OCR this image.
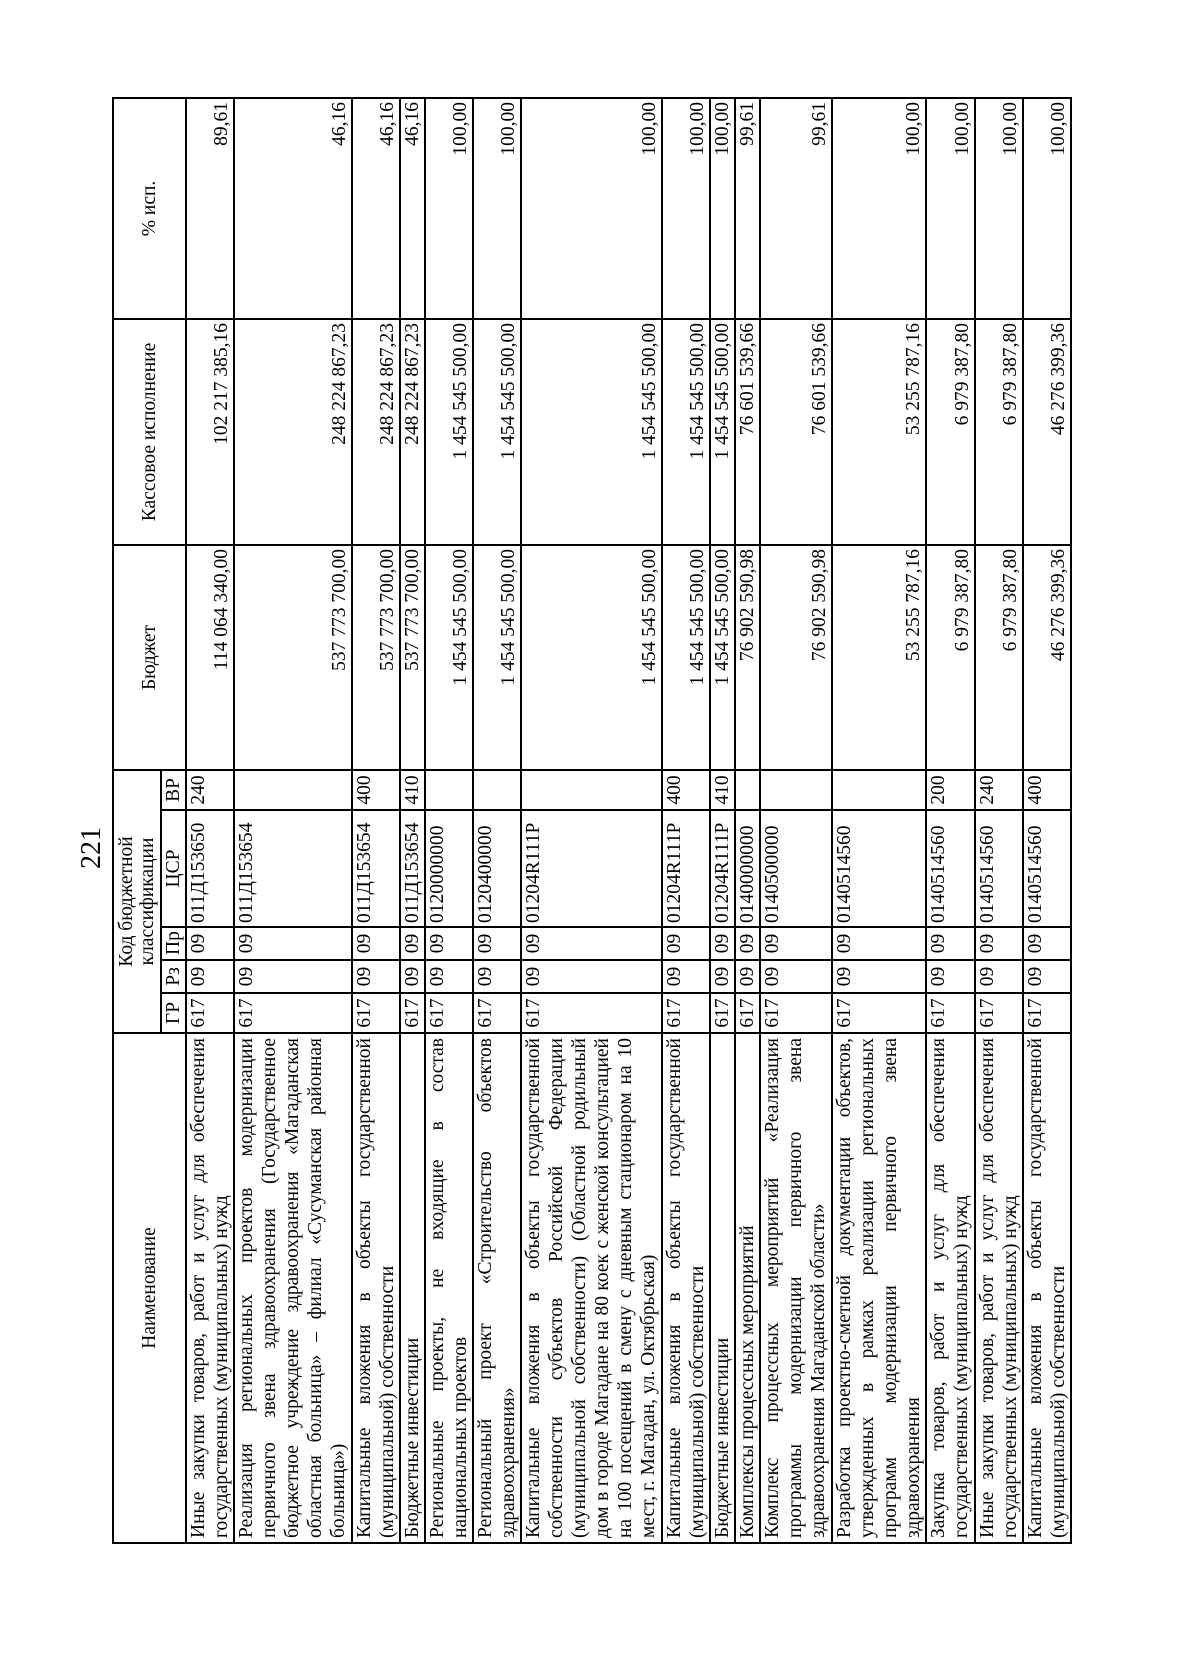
221
Наименование	Код бюджетной классификации					Бюджет	Кассовое исполнение	% исп.
	ГР	Рз	Пр	ЦСР	ВР			
Иные закупки товаров, работ и услуг для обеспечения государственных (муниципальных) нужд	617	09	09	011Д153650	240	114 064 340,00	102 217 385,16	89,61
Реализация региональных проектов модернизации первичного звена здравоохранения (Государственное бюджетное учреждение здравоохранения «Магаданская областная больница» – филиал «Сусуманская районная больница»)	617	09	09	011Д153654		537 773 700,00	248 224 867,23	46,16
Капитальные вложения в объекты государственной (муниципальной) собственности	617	09	09	011Д153654	400	537 773 700,00	248 224 867,23	46,16
Бюджетные инвестиции	617	09	09	011Д153654	410	537 773 700,00	248 224 867,23	46,16
Региональные проекты, не входящие в состав национальных проектов	617	09	09	0120000000		1 454 545 500,00	1 454 545 500,00	100,00
Региональный проект «Строительство объектов здравоохранения»	617	09	09	0120400000		1 454 545 500,00	1 454 545 500,00	100,00
Капитальные вложения в объекты государственной собственности субъектов Российской Федерации (муниципальной собственности) (Областной родильный дом в городе Магадане на 80 коек с женской консультацией на 100 посещений в смену с дневным стационаром на 10 мест, г. Магадан, ул. Октябрьская)	617	09	09	01204R111P		1 454 545 500,00	1 454 545 500,00	100,00
Капитальные вложения в объекты государственной (муниципальной) собственности	617	09	09	01204R111P	400	1 454 545 500,00	1 454 545 500,00	100,00
Бюджетные инвестиции	617	09	09	01204R111P	410	1 454 545 500,00	1 454 545 500,00	100,00
Комплексы процессных мероприятий	617	09	09	0140000000		76 902 590,98	76 601 539,66	99,61
Комплекс процессных мероприятий «Реализация программы модернизации первичного звена здравоохранения Магаданской области»	617	09	09	0140500000		76 902 590,98	76 601 539,66	99,61
Разработка проектно-сметной документации объектов, утвержденных в рамках реализации региональных программ модернизации первичного звена здравоохранения	617	09	09	0140514560		53 255 787,16	53 255 787,16	100,00
Закупка товаров, работ и услуг для обеспечения государственных (муниципальных) нужд	617	09	09	0140514560	200	6 979 387,80	6 979 387,80	100,00
Иные закупки товаров, работ и услуг для обеспечения государственных (муниципальных) нужд	617	09	09	0140514560	240	6 979 387,80	6 979 387,80	100,00
Капитальные вложения в объекты государственной (муниципальной) собственности	617	09	09	0140514560	400	46 276 399,36	46 276 399,36	100,00
